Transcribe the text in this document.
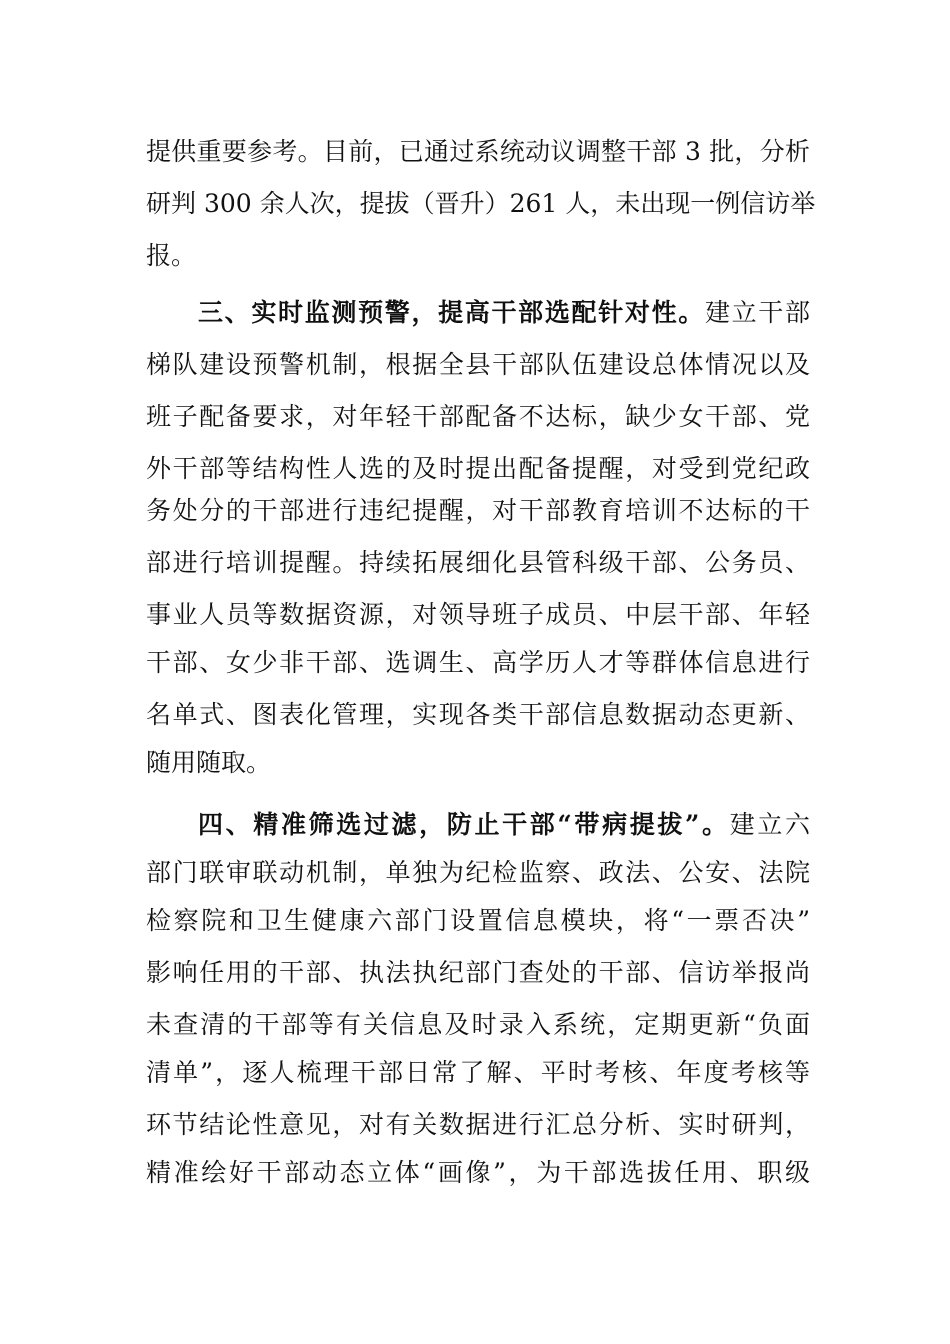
提供重要参考。目前，已通过系统动议调整干部 3 批，分析
研判 300 余人次，提拔（晋升）261 人，未出现一例信访举
报。
三、实时监测预警，提高干部选配针对性。建立干部
梯队建设预警机制，根据全县干部队伍建设总体情况以及
班子配备要求，对年轻干部配备不达标，缺少女干部、党
外干部等结构性人选的及时提出配备提醒，对受到党纪政
务处分的干部进行违纪提醒，对干部教育培训不达标的干
部进行培训提醒。持续拓展细化县管科级干部、公务员、
事业人员等数据资源，对领导班子成员、中层干部、年轻
干部、女少非干部、选调生、高学历人才等群体信息进行
名单式、图表化管理，实现各类干部信息数据动态更新、
随用随取。
四、精准筛选过滤，防止干部“带病提拔”。建立六
部门联审联动机制，单独为纪检监察、政法、公安、法院
检察院和卫生健康六部门设置信息模块，将“一票否决”
影响任用的干部、执法执纪部门查处的干部、信访举报尚
未查清的干部等有关信息及时录入系统，定期更新“负面
清单”，逐人梳理干部日常了解、平时考核、年度考核等
环节结论性意见，对有关数据进行汇总分析、实时研判，
精准绘好干部动态立体“画像”，为干部选拔任用、职级
